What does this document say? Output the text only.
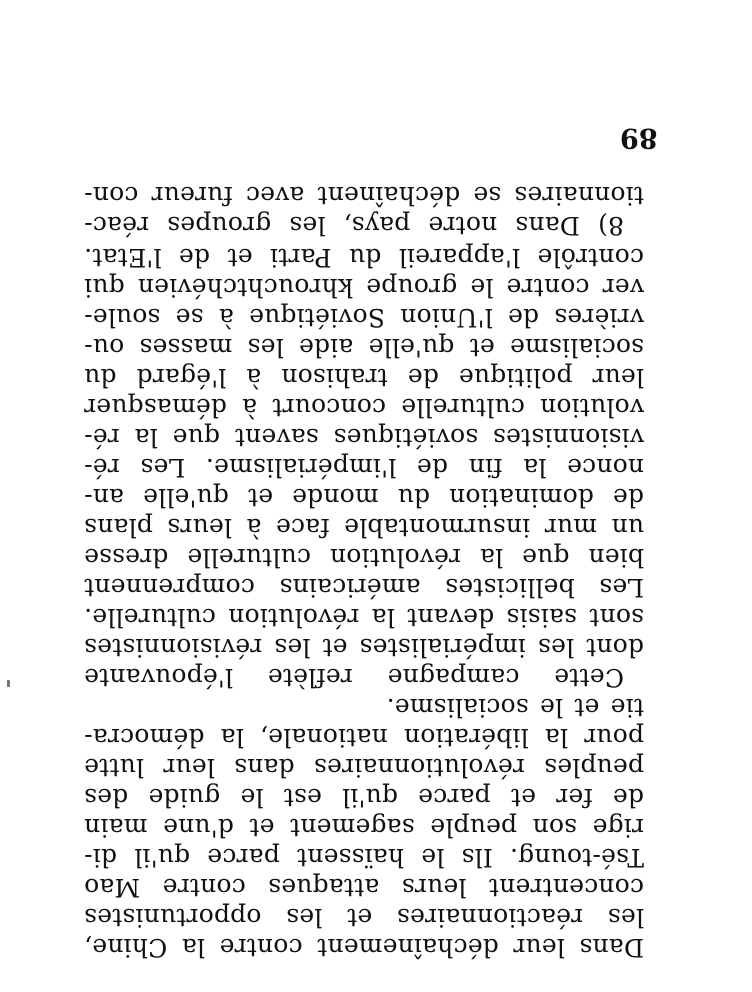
Dans leur déchaînement contre la Chine,
les réactionnaires et les opportunistes
concentrent leurs attaques contre Mao
Tsé-toung. Ils le haïssent parce qu'il di-
rige son peuple sagement et d'une main
de fer et parce qu'il est le guide des
peuples révolutionnaires dans leur lutte
pour la libération nationale, la démocra-
tie et le socialisme.
Cette campagne reflète l'épouvante
dont les impérialistes et les révisionnistes
sont saisis devant la révolution culturelle.
Les bellicistes américains comprennent
bien que la révolution culturelle dresse
un mur insurmontable face à leurs plans
de domination du monde et qu'elle an-
nonce la fin de l'impérialisme. Les ré-
visionnistes soviétiques savent que la ré-
volution culturelle concourt à démasquer
leur politique de trahison à l'égard du
socialisme et qu'elle aide les masses ou-
vrières de l'Union Soviétique à se soule-
ver contre le groupe khrouchtchévien qui
contrôle l'appareil du Parti et de l'Etat.
8) Dans notre pays, les groupes réac-
tionnaires se déchaînent avec fureur con-
89
